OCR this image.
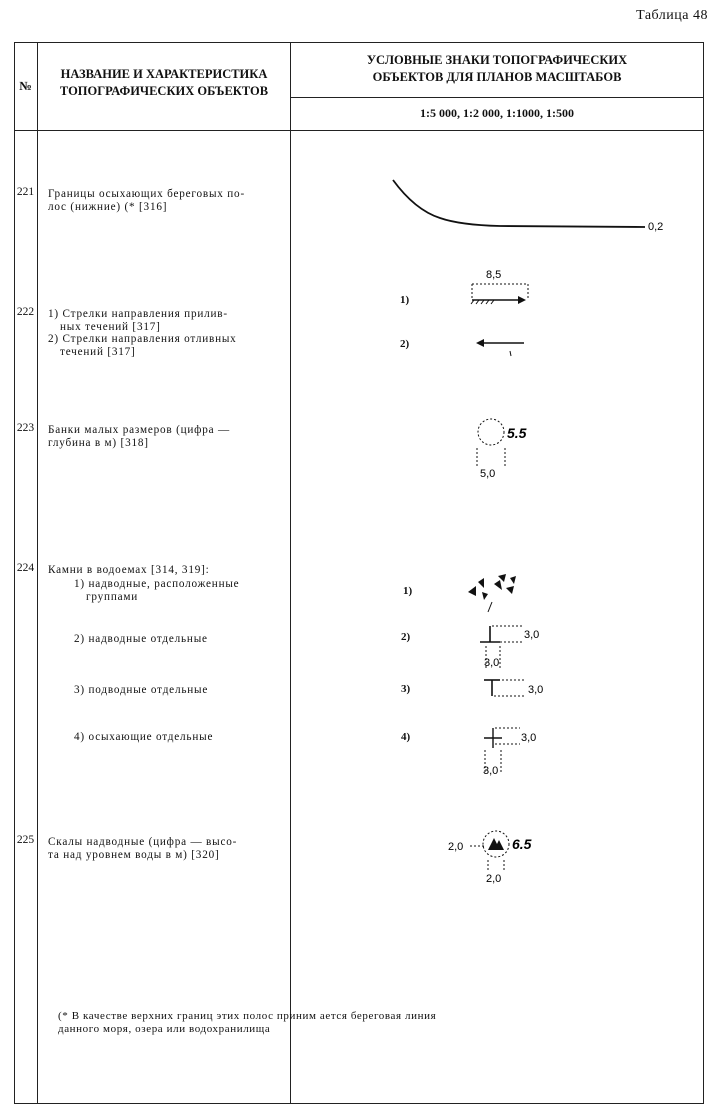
Таблица 48
№
НАЗВАНИЕ И ХАРАКТЕРИСТИКА
ТОПОГРАФИЧЕСКИХ ОБЪЕКТОВ
УСЛОВНЫЕ ЗНАКИ ТОПОГРАФИЧЕСКИХ
ОБЪЕКТОВ ДЛЯ ПЛАНОВ МАСШТАБОВ
1:5 000, 1:2 000, 1:1000, 1:500
221 Границы осыхающих береговых по-
лос (нижние) (* [316]
0,2
222 1) Стрелки направления прилив-
ных течений [317]
2) Стрелки направления отливных
течений [317]
1)
2)
8,5
223 Банки малых размеров (цифра —
глубина в м) [318]
5.5
5,0
224 Камни в водоемах [314, 319]:
1) надводные, расположенные
группами
2) надводные отдельные
3) подводные отдельные
4) осыхающие отдельные
1)
2)
3)
4)
3,0
3,0
3,0
3,0
3,0
225 Скалы надводные (цифра — высо-
та над уровнем воды в м) [320]
2,0	6.5
2,0
(* В качестве верхних границ этих полос приним ается береговая линия
данного моря, озера или водохранилища
